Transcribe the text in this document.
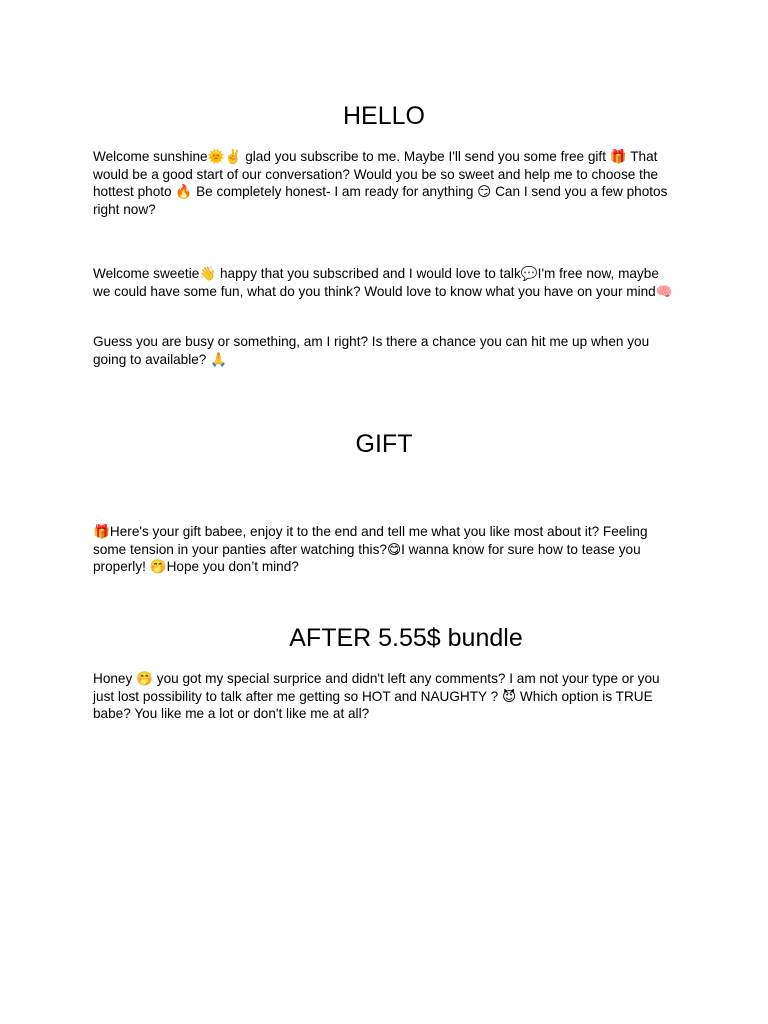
HELLO

Welcome sunshine🌞✌️ glad you subscribe to me. Maybe I'll send you some free gift 🎁 That would be a good start of our conversation? Would you be so sweet and help me to choose the hottest photo 🔥 Be completely honest- I am ready for anything 😏 Can I send you a few photos right now?

Welcome sweetie👋 happy that you subscribed and I would love to talk💬I'm free now, maybe we could have some fun, what do you think? Would love to know what you have on your mind🧠

Guess you are busy or something, am I right? Is there a chance you can hit me up when you going to available? 🙏

GIFT

🎁Here's your gift babee, enjoy it to the end and tell me what you like most about it? Feeling some tension in your panties after watching this?😋I wanna know for sure how to tease you properly! 🤭Hope you don’t mind?

AFTER 5.55$ bundle

Honey 🤭 you got my special surprice and didn't left any comments? I am not your type or you just lost possibility to talk after me getting so HOT and NAUGHTY ? 😈 Which option is TRUE babe? You like me a lot or don't like me at all?
